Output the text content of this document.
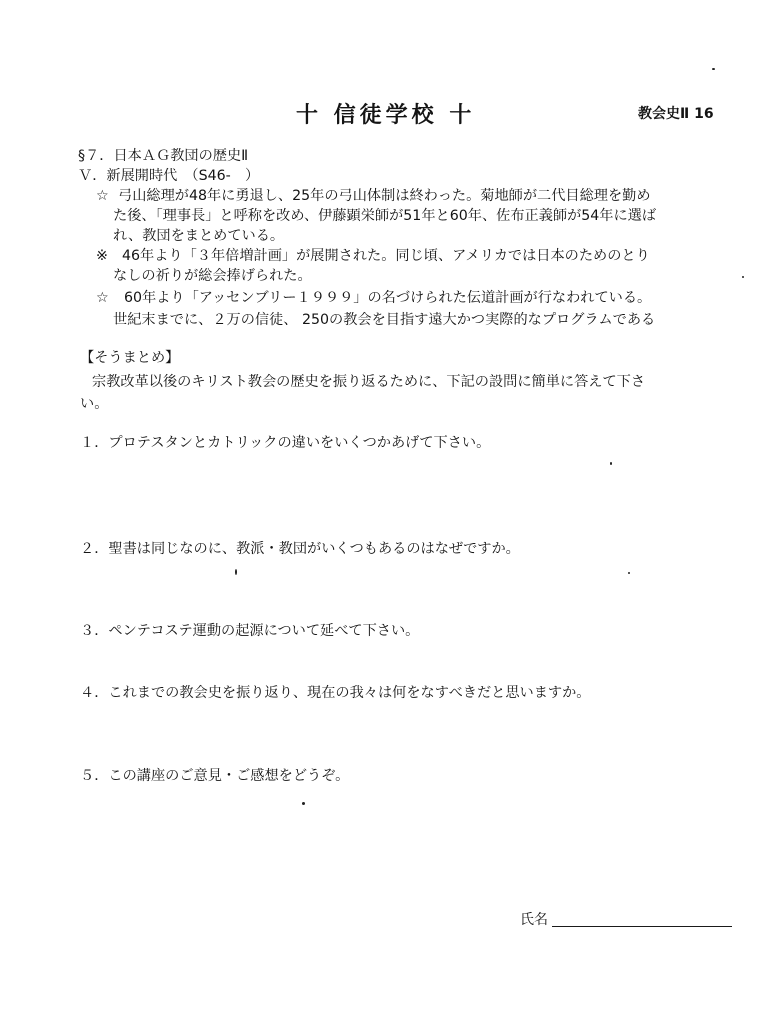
十 信徒学校 十	教会史Ⅱ 16
§７．日本ＡＧ教団の歴史Ⅱ
Ｖ．新展開時代　（S46-　）
☆ 弓山総理が48年に勇退し、25年の弓山体制は終わった。菊地師が二代目総理を勤め
た後、「理事長」と呼称を改め、伊藤顕栄師が51年と60年、佐布正義師が54年に選ば
れ、教団をまとめている。
※ 46年より「３年倍増計画」が展開された。同じ頃、アメリカでは日本のためのとり
なしの祈りが総会捧げられた。
☆ 60年より「アッセンブリー１９９９」の名づけられた伝道計画が行なわれている。
世紀末までに、２万の信徒、 250の教会を目指す遠大かつ実際的なプログラムである
【そうまとめ】
宗教改革以後のキリスト教会の歴史を振り返るために、下記の設問に簡単に答えて下さ
い。
１．プロテスタンとカトリックの違いをいくつかあげて下さい。
２．聖書は同じなのに、教派・教団がいくつもあるのはなぜですか。
３．ペンテコステ運動の起源について延べて下さい。
４．これまでの教会史を振り返り、現在の我々は何をなすべきだと思いますか。
５．この講座のご意見・ご感想をどうぞ。
氏名
